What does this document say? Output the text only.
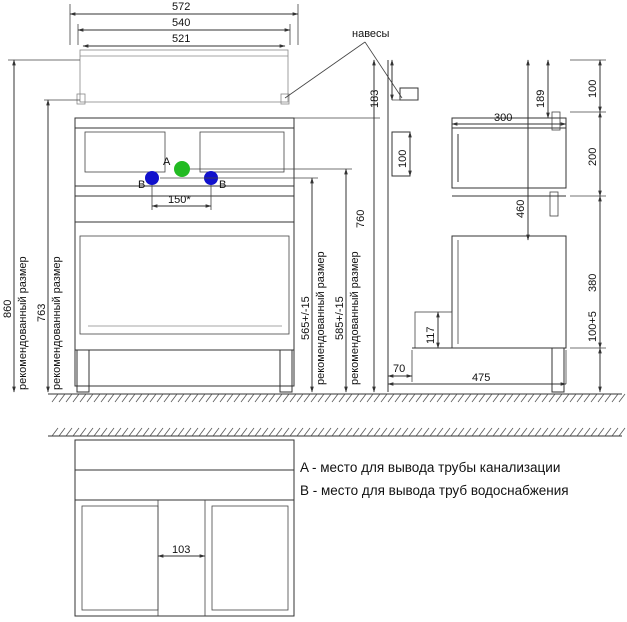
572
540
521	навесы
A
B	B
150*
860 рекомендованный размер 763 рекомендованный размер	565+/-15 рекомендованный размер 585+/-15 рекомендованный размер
760
183
100
189
100
300
200
460
380
100+5
117
70
475
103
A - место для вывода трубы канализации
B - место для вывода труб водоснабжения
